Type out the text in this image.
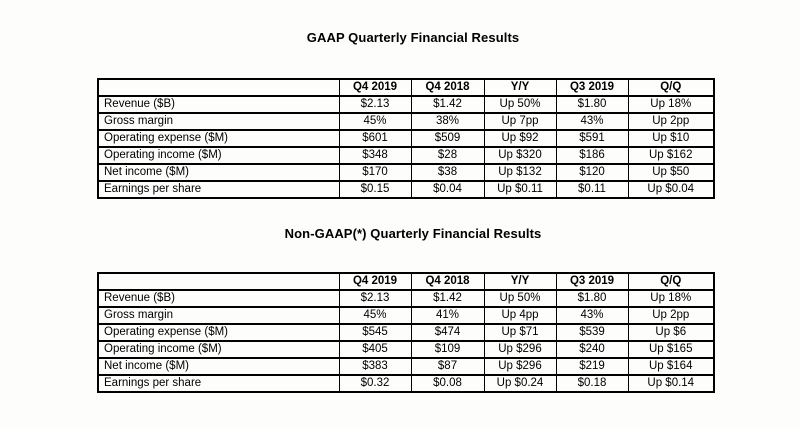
GAAP Quarterly Financial Results
	Q4 2019	Q4 2018	Y/Y	Q3 2019	Q/Q
Revenue ($B)	$2.13	$1.42	Up 50%	$1.80	Up 18%
Gross margin	45%	38%	Up 7pp	43%	Up 2pp
Operating expense ($M)	$601	$509	Up $92	$591	Up $10
Operating income ($M)	$348	$28	Up $320	$186	Up $162
Net income ($M)	$170	$38	Up $132	$120	Up $50
Earnings per share	$0.15	$0.04	Up $0.11	$0.11	Up $0.04
Non-GAAP(*) Quarterly Financial Results
	Q4 2019	Q4 2018	Y/Y	Q3 2019	Q/Q
Revenue ($B)	$2.13	$1.42	Up 50%	$1.80	Up 18%
Gross margin	45%	41%	Up 4pp	43%	Up 2pp
Operating expense ($M)	$545	$474	Up $71	$539	Up $6
Operating income ($M)	$405	$109	Up $296	$240	Up $165
Net income ($M)	$383	$87	Up $296	$219	Up $164
Earnings per share	$0.32	$0.08	Up $0.24	$0.18	Up $0.14
